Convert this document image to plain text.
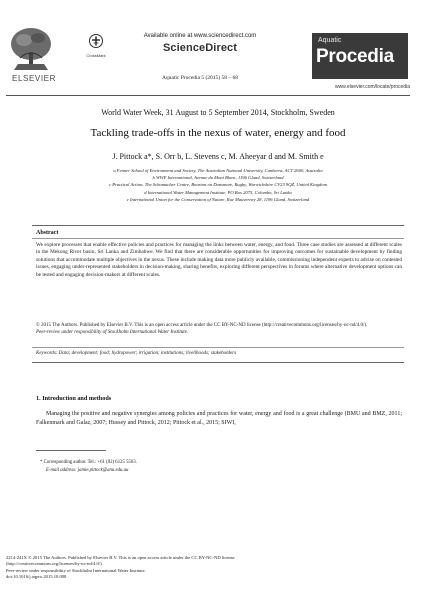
ELSEVIER
CrossMark
Available online at www.sciencedirect.com
ScienceDirect
Aquatic Procedia 5 (2015) 58 – 68
Aquatic
Procedia
www.elsevier.com/locate/procedia
World Water Week, 31 August to 5 September 2014, Stockholm, Sweden
Tackling trade-offs in the nexus of water, energy and food
J. Pittock a*, S. Orr b, L. Stevens c, M. Aheeyar d and M. Smith e
a Fenner School of Environment and Society, The Australian National University, Canberra, ACT 2600, Australia
b WWF International, Avenue du Mont Blanc, 1196 Gland, Switzerland
c Practical Action, The Schumacher Centre, Bourton on Dunsmore, Rugby, Warwickshire CV23 9QZ, United Kingdom
d International Water Management Institute, PO Box 2075, Colombo, Sri Lanka
e International Union for the Conservation of Nature, Rue Mauverney 28, 1196 Gland, Switzerland
Abstract
We explore processes that enable effective policies and practices for managing the links between water, energy, and food. Three case studies are assessed at different scales in the Mekong River basin, Sri Lanka and Zimbabwe. We find that there are considerable opportunities for improving outcomes for sustainable development by finding solutions that accommodate multiple objectives in the nexus. These include making data more publicly available, commissioning independent experts to advise on contested issues, engaging under-represented stakeholders in decision-making, sharing benefits, exploring different perspectives in forums where alternative development options can be tested and engaging decision-makers at different scales.
© 2015 The Authors. Published by Elsevier B.V. This is an open access article under the CC BY-NC-ND license (http://creativecommons.org/licenses/by-nc-nd/4.0/).
Peer-review under responsibility of Stockholm International Water Institute.
Keywords: Data; development; food; hydropower; irrigation; institutions; livelihoods; stakeholders
1. Introduction and methods
Managing the positive and negative synergies among policies and practices for water, energy and food is a great challenge (BMU and BMZ, 2011; Falkenmark and Galaz, 2007; Hussey and Pittock, 2012; Pittock et al., 2015; SIWI,
* Corresponding author. Tel.: +61 (02) 6125 5563.
E-mail address: jamie.pittock@anu.edu.au
2214-241X © 2015 The Authors. Published by Elsevier B.V. This is an open access article under the CC BY-NC-ND license
(http://creativecommons.org/licenses/by-nc-nd/4.0/).
Peer-review under responsibility of Stockholm International Water Institute.
doi:10.1016/j.aqpro.2015.10.008
